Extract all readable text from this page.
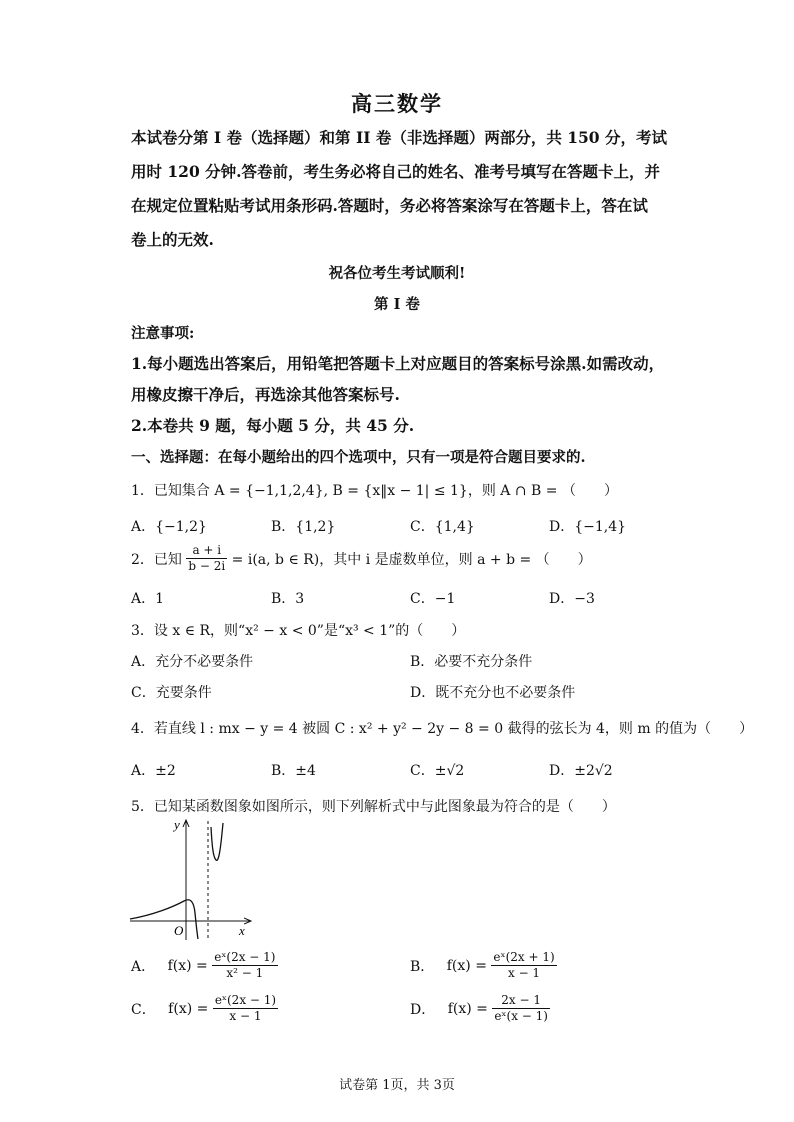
高三数学
本试卷分第 I 卷（选择题）和第 II 卷（非选择题）两部分，共 150 分，考试
用时 120 分钟.答卷前，考生务必将自己的姓名、准考号填写在答题卡上，并
在规定位置粘贴考试用条形码.答题时，务必将答案涂写在答题卡上，答在试
卷上的无效.
祝各位考生考试顺利!
第 I 卷
注意事项:
1.每小题选出答案后，用铅笔把答题卡上对应题目的答案标号涂黑.如需改动，
用橡皮擦干净后，再选涂其他答案标号.
2.本卷共 9 题，每小题 5 分，共 45 分.
一、选择题：在每小题给出的四个选项中，只有一项是符合题目要求的.
1．已知集合 A = {−1,1,2,4}, B = {x‖x − 1| ≤ 1}，则 A ∩ B = （　　）
A．{−1,2}	B．{1,2}	C．{1,4}	D．{−1,4}
2．已知 $\frac{a + i}{b - 2i} = i(a$, b ∈ R)，其中 i 是虚数单位，则 a + b = （　　）
A．1	B．3	C．−1	D．−3
3．设 x ∈ R，则“x² − x < 0”是“x³ < 1”的（　　）
A．充分不必要条件	B．必要不充分条件
C．充要条件	D．既不充分也不必要条件
4．若直线 l : mx − y = 4 被圆 C : x² + y² − 2y − 8 = 0 截得的弦长为 4，则 m 的值为（　　）
A．±2	B．±4	C．±√2	D．±2√2
5．已知某函数图象如图所示，则下列解析式中与此图象最为符合的是（　　）
y
x
O
A． $f(x) = \frac{\text{eˣ(2x − 1)}}{\text{x² − 1}}$	B． $f(x) = \frac{\text{eˣ(2x + 1)}}{x - 1}$
C． $f(x) = \frac{\text{eˣ(2x − 1)}}{x - 1}$	D． $f(x) = \frac{2x - 1}{\text{eˣ(x − 1)}}$
试卷第 1页，共 3页
